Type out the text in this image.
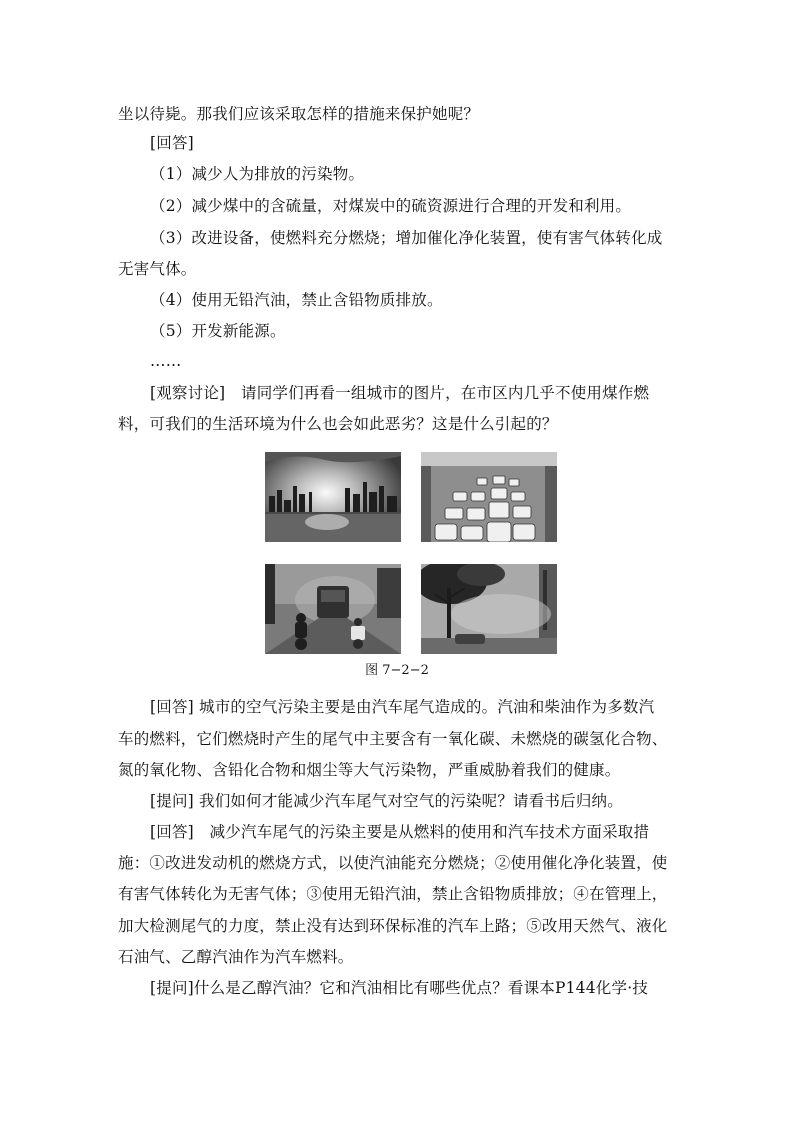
坐以待毙。那我们应该采取怎样的措施来保护她呢？
[回答]
（1）减少人为排放的污染物。
（2）减少煤中的含硫量，对煤炭中的硫资源进行合理的开发和利用。
（3）改进设备，使燃料充分燃烧；增加催化净化装置，使有害气体转化成
无害气体。
（4）使用无铅汽油，禁止含铅物质排放。
（5）开发新能源。
……
[观察讨论]　请同学们再看一组城市的图片，在市区内几乎不使用煤作燃
料，可我们的生活环境为什么也会如此恶劣？这是什么引起的？
图 7−2−2
[回答] 城市的空气污染主要是由汽车尾气造成的。汽油和柴油作为多数汽
车的燃料，它们燃烧时产生的尾气中主要含有一氧化碳、未燃烧的碳氢化合物、
氮的氧化物、含铅化合物和烟尘等大气污染物，严重威胁着我们的健康。
[提问] 我们如何才能减少汽车尾气对空气的污染呢？请看书后归纳。
[回答]　减少汽车尾气的污染主要是从燃料的使用和汽车技术方面采取措
施：①改进发动机的燃烧方式，以使汽油能充分燃烧；②使用催化净化装置，使
有害气体转化为无害气体；③使用无铅汽油，禁止含铅物质排放；④在管理上，
加大检测尾气的力度，禁止没有达到环保标准的汽车上路；⑤改用天然气、液化
石油气、乙醇汽油作为汽车燃料。
[提问]什么是乙醇汽油？它和汽油相比有哪些优点？看课本P144化学·技
